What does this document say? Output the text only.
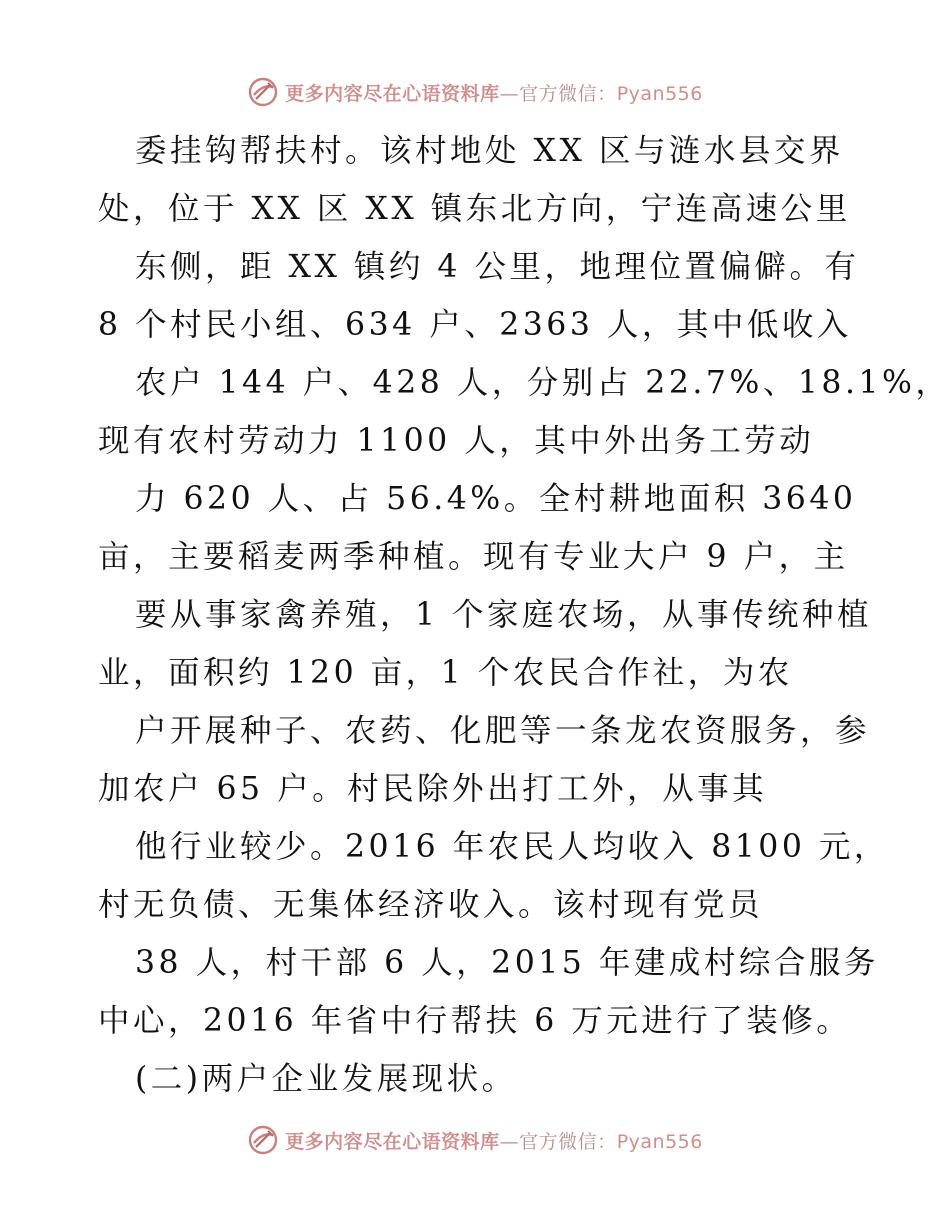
更多内容尽在心语资料库—官方微信：Pyan556
委挂钩帮扶村。该村地处 XX 区与涟水县交界
处，位于 XX 区 XX 镇东北方向，宁连高速公里
东侧，距 XX 镇约 4 公里，地理位置偏僻。有
8 个村民小组、634 户、2363 人，其中低收入
农户 144 户、428 人，分别占 22.7%、18.1%，
现有农村劳动力 1100 人，其中外出务工劳动
力 620 人、占 56.4%。全村耕地面积 3640
亩，主要稻麦两季种植。现有专业大户 9 户，主
要从事家禽养殖，1 个家庭农场，从事传统种植
业，面积约 120 亩，1 个农民合作社，为农
户开展种子、农药、化肥等一条龙农资服务，参
加农户 65 户。村民除外出打工外，从事其
他行业较少。2016 年农民人均收入 8100 元，
村无负债、无集体经济收入。该村现有党员
38 人，村干部 6 人，2015 年建成村综合服务
中心，2016 年省中行帮扶 6 万元进行了装修。
(二)两户企业发展现状。
更多内容尽在心语资料库—官方微信：Pyan556
